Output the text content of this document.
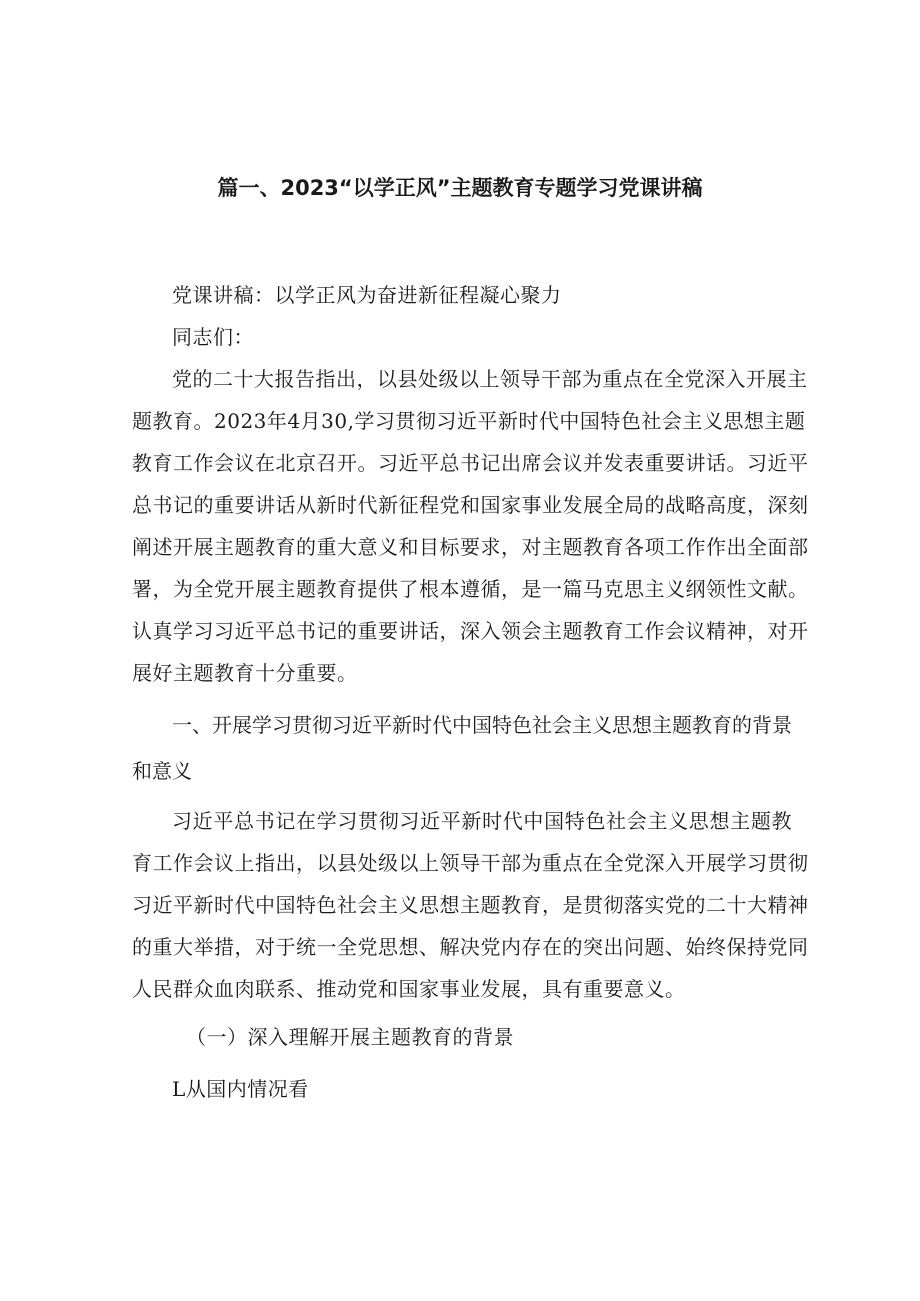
篇一、2023“以学正风”主题教育专题学习党课讲稿
党课讲稿：以学正风为奋进新征程凝心聚力
同志们：
党的二十大报告指出，以县处级以上领导干部为重点在全党深入开展主
题教育。2023年4月30,学习贯彻习近平新时代中国特色社会主义思想主题
教育工作会议在北京召开。习近平总书记出席会议并发表重要讲话。习近平
总书记的重要讲话从新时代新征程党和国家事业发展全局的战略高度，深刻
阐述开展主题教育的重大意义和目标要求，对主题教育各项工作作出全面部
署，为全党开展主题教育提供了根本遵循，是一篇马克思主义纲领性文献。
认真学习习近平总书记的重要讲话，深入领会主题教育工作会议精神，对开
展好主题教育十分重要。
一、开展学习贯彻习近平新时代中国特色社会主义思想主题教育的背景
和意义
习近平总书记在学习贯彻习近平新时代中国特色社会主义思想主题教
育工作会议上指出，以县处级以上领导干部为重点在全党深入开展学习贯彻
习近平新时代中国特色社会主义思想主题教育，是贯彻落实党的二十大精神
的重大举措，对于统一全党思想、解决党内存在的突出问题、始终保持党同
人民群众血肉联系、推动党和国家事业发展，具有重要意义。
（一）深入理解开展主题教育的背景
L从国内情况看
